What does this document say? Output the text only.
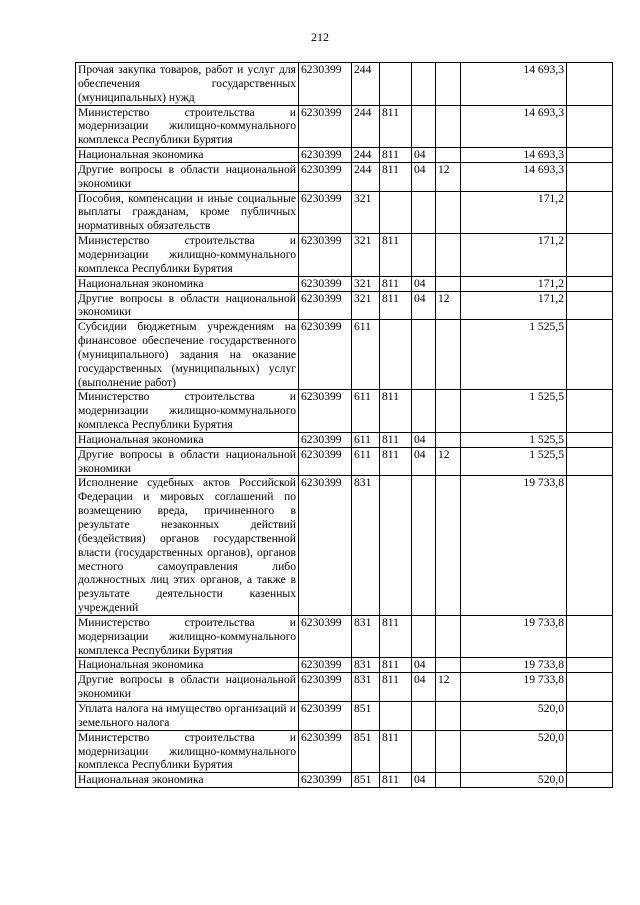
212
Прочая закупка товаров, работ и услуг для обеспечения государственных (муниципальных) нужд	6230399	244				14 693,3	
Министерство строительства и модернизации жилищно-коммунального комплекса Республики Бурятия	6230399	244	811			14 693,3	
Национальная экономика	6230399	244	811	04		14 693,3	
Другие вопросы в области национальной экономики	6230399	244	811	04	12	14 693,3	
Пособия, компенсации и иные социальные выплаты гражданам, кроме публичных нормативных обязательств	6230399	321				171,2	
Министерство строительства и модернизации жилищно-коммунального комплекса Республики Бурятия	6230399	321	811			171,2	
Национальная экономика	6230399	321	811	04		171,2	
Другие вопросы в области национальной экономики	6230399	321	811	04	12	171,2	
Субсидии бюджетным учреждениям на финансовое обеспечение государственного (муниципального) задания на оказание государственных (муниципальных) услуг (выполнение работ)	6230399	611				1 525,5	
Министерство строительства и модернизации жилищно-коммунального комплекса Республики Бурятия	6230399	611	811			1 525,5	
Национальная экономика	6230399	611	811	04		1 525,5	
Другие вопросы в области национальной экономики	6230399	611	811	04	12	1 525,5	
Исполнение судебных актов Российской Федерации и мировых соглашений по возмещению вреда, причиненного в результате незаконных действий (бездействия) органов государственной власти (государственных органов), органов местного самоуправления либо должностных лиц этих органов, а также в результате деятельности казенных учреждений	6230399	831				19 733,8	
Министерство строительства и модернизации жилищно-коммунального комплекса Республики Бурятия	6230399	831	811			19 733,8	
Национальная экономика	6230399	831	811	04		19 733,8	
Другие вопросы в области национальной экономики	6230399	831	811	04	12	19 733,8	
Уплата налога на имущество организаций и земельного налога	6230399	851				520,0	
Министерство строительства и модернизации жилищно-коммунального комплекса Республики Бурятия	6230399	851	811			520,0	
Национальная экономика	6230399	851	811	04		520,0	
